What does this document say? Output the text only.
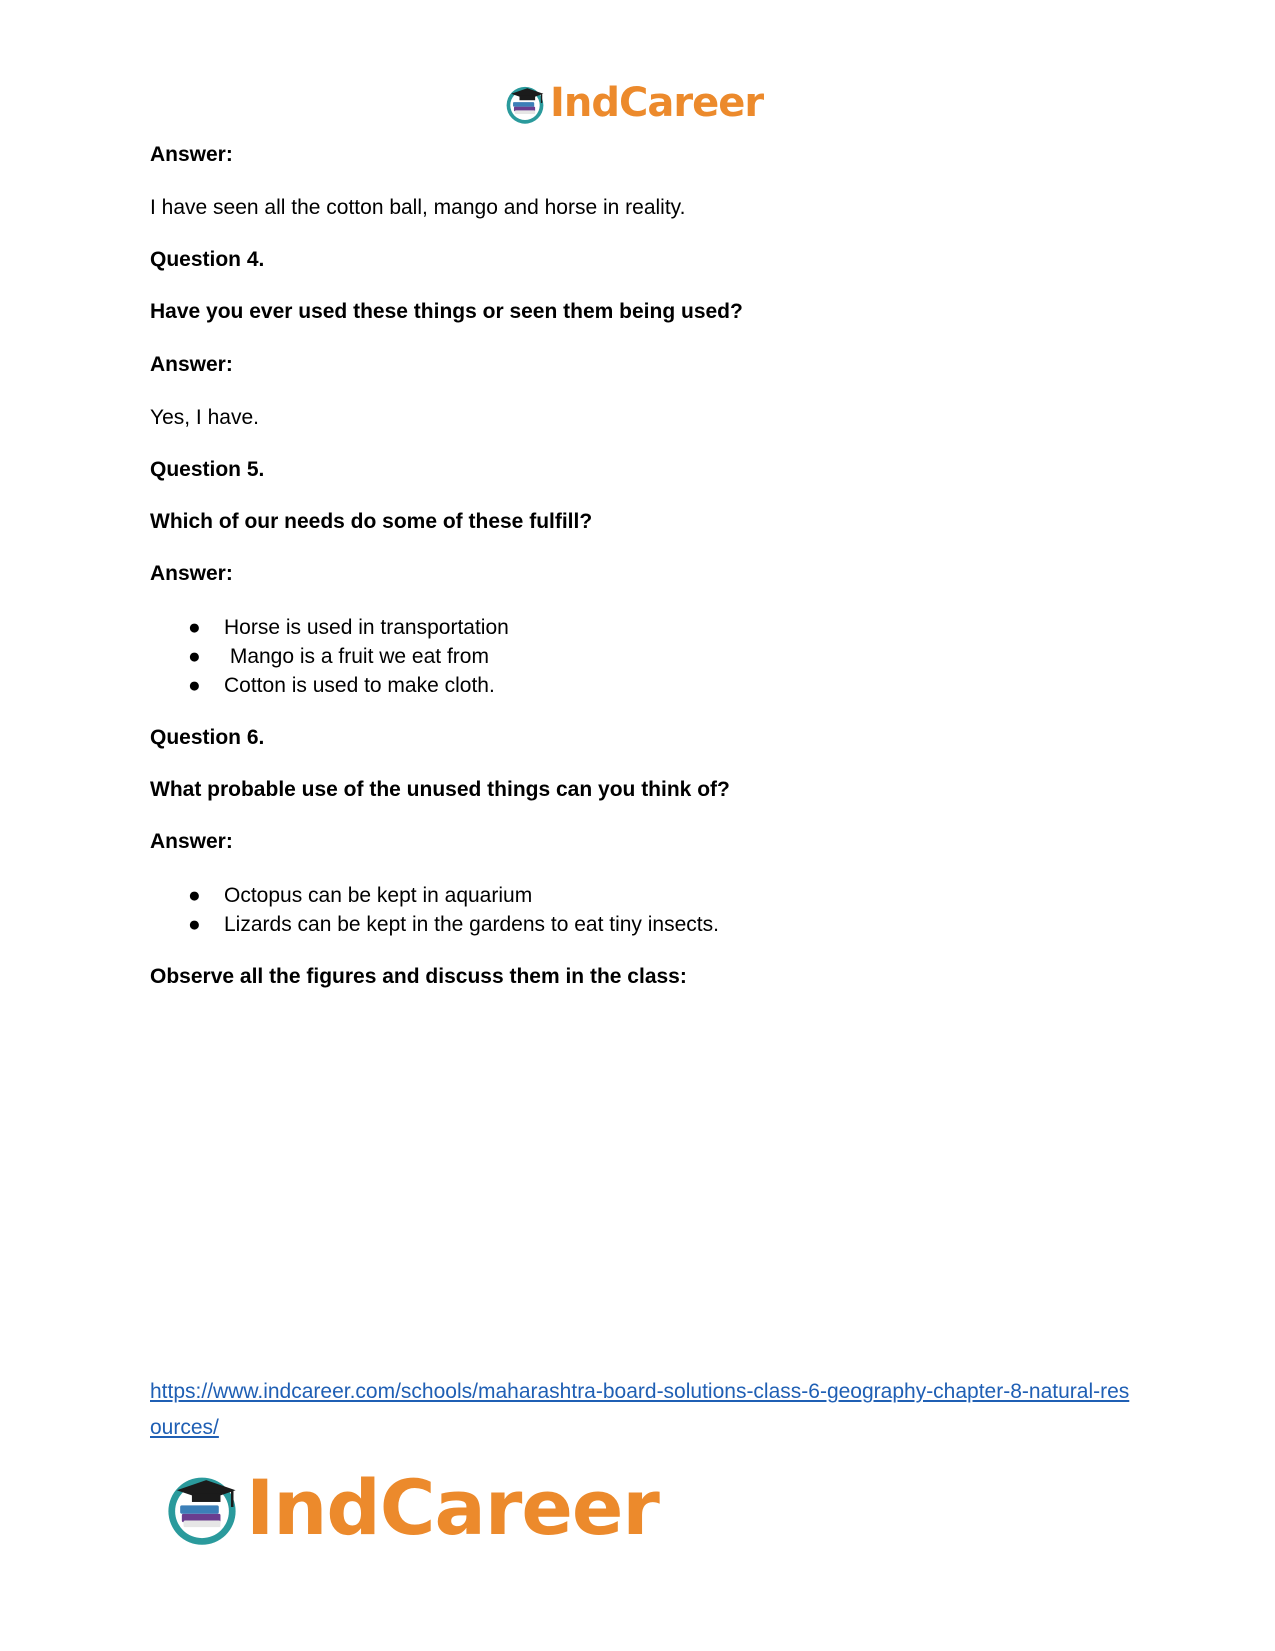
IndCareer
Answer:
I have seen all the cotton ball, mango and horse in reality.
Question 4.
Have you ever used these things or seen them being used?
Answer:
Yes, I have.
Question 5.
Which of our needs do some of these fulfill?
Answer:
● Horse is used in transportation
● Mango is a fruit we eat from
● Cotton is used to make cloth.
Question 6.
What probable use of the unused things can you think of?
Answer:
● Octopus can be kept in aquarium
● Lizards can be kept in the gardens to eat tiny insects.
Observe all the figures and discuss them in the class:
https://www.indcareer.com/schools/maharashtra-board-solutions-class-6-geography-chapter-8-natural-resources/
IndCareer
